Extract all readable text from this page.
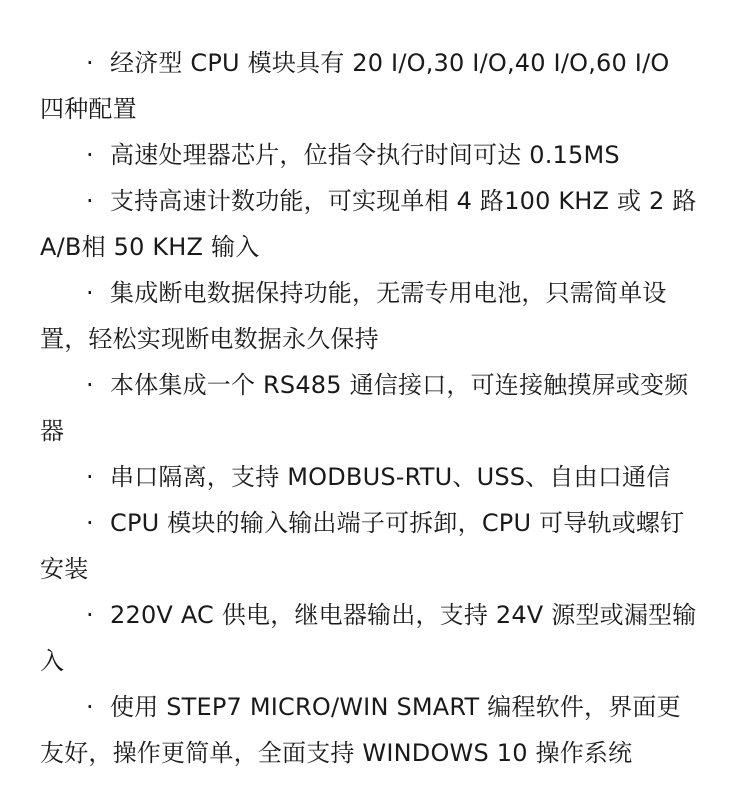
· 经济型 CPU 模块具有 20 I/O,30 I/O,40 I/O,60 I/O 四种配置

· 高速处理器芯片，位指令执行时间可达 0.15MS

· 支持高速计数功能，可实现单相 4 路100 KHZ 或 2 路 A/B相 50 KHZ 输入

· 集成断电数据保持功能，无需专用电池，只需简单设置，轻松实现断电数据永久保持

· 本体集成一个 RS485 通信接口，可连接触摸屏或变频器

· 串口隔离，支持 MODBUS-RTU、USS、自由口通信

· CPU 模块的输入输出端子可拆卸，CPU 可导轨或螺钉安装

· 220V AC 供电，继电器输出，支持 24V 源型或漏型输入

· 使用 STEP7 MICRO/WIN SMART 编程软件，界面更友好，操作更简单，全面支持 WINDOWS 10 操作系统
